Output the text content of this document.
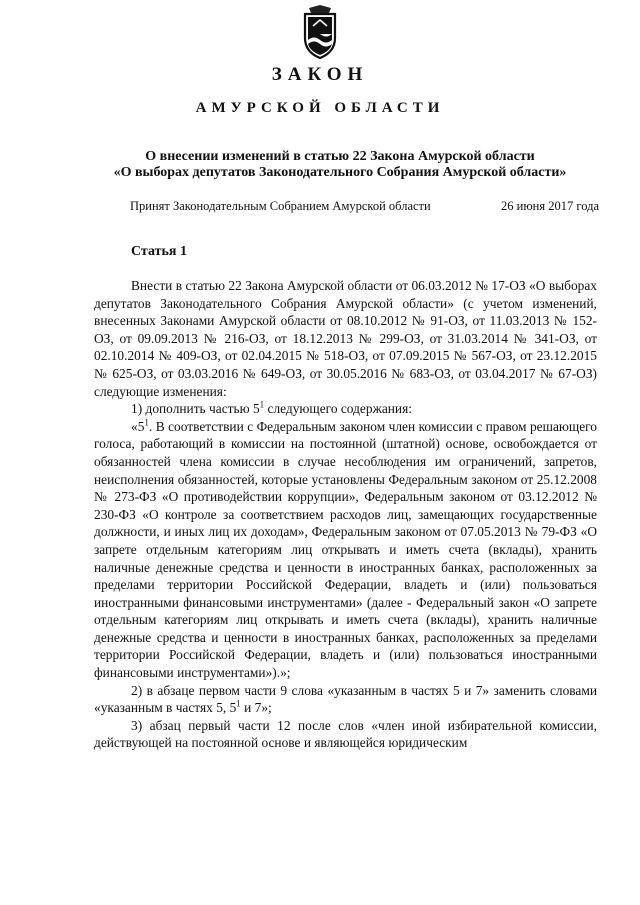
ЗАКОН
АМУРСКОЙ ОБЛАСТИ
О внесении изменений в статью 22 Закона Амурской области
«О выборах депутатов Законодательного Собрания Амурской области»
Принят Законодательным Собранием Амурской области	26 июня 2017 года
Статья 1

Внести в статью 22 Закона Амурской области от 06.03.2012 № 17-ОЗ «О выборах депутатов Законодательного Собрания Амурской области» (с учетом изменений, внесенных Законами Амурской области от 08.10.2012 № 91-ОЗ, от 11.03.2013 № 152-ОЗ, от 09.09.2013 № 216-ОЗ, от 18.12.2013 № 299-ОЗ, от 31.03.2014 № 341-ОЗ, от 02.10.2014 № 409-ОЗ, от 02.04.2015 № 518-ОЗ, от 07.09.2015 № 567-ОЗ, от 23.12.2015 № 625-ОЗ, от 03.03.2016 № 649-ОЗ, от 30.05.2016 № 683-ОЗ, от 03.04.2017 № 67-ОЗ) следующие изменения:

1) дополнить частью $5^1$ следующего содержания:

«$5^1$. В соответствии с Федеральным законом член комиссии с правом решающего голоса, работающий в комиссии на постоянной (штатной) основе, освобождается от обязанностей члена комиссии в случае несоблюдения им ограничений, запретов, неисполнения обязанностей, которые установлены Федеральным законом от 25.12.2008 № 273-ФЗ «О противодействии коррупции», Федеральным законом от 03.12.2012 № 230-ФЗ «О контроле за соответствием расходов лиц, замещающих государственные должности, и иных лиц их доходам», Федеральным законом от 07.05.2013 № 79-ФЗ «О запрете отдельным категориям лиц открывать и иметь счета (вклады), хранить наличные денежные средства и ценности в иностранных банках, расположенных за пределами территории Российской Федерации, владеть и (или) пользоваться иностранными финансовыми инструментами» (далее - Федеральный закон «О запрете отдельным категориям лиц открывать и иметь счета (вклады), хранить наличные денежные средства и ценности в иностранных банках, расположенных за пределами территории Российской Федерации, владеть и (или) пользоваться иностранными финансовыми инструментами»).»;

2) в абзаце первом части 9 слова «указанным в частях 5 и 7» заменить словами «указанным в частях 5, $5^1$ и 7»;

3) абзац первый части 12 после слов «член иной избирательной комиссии, действующей на постоянной основе и являющейся юридическим
